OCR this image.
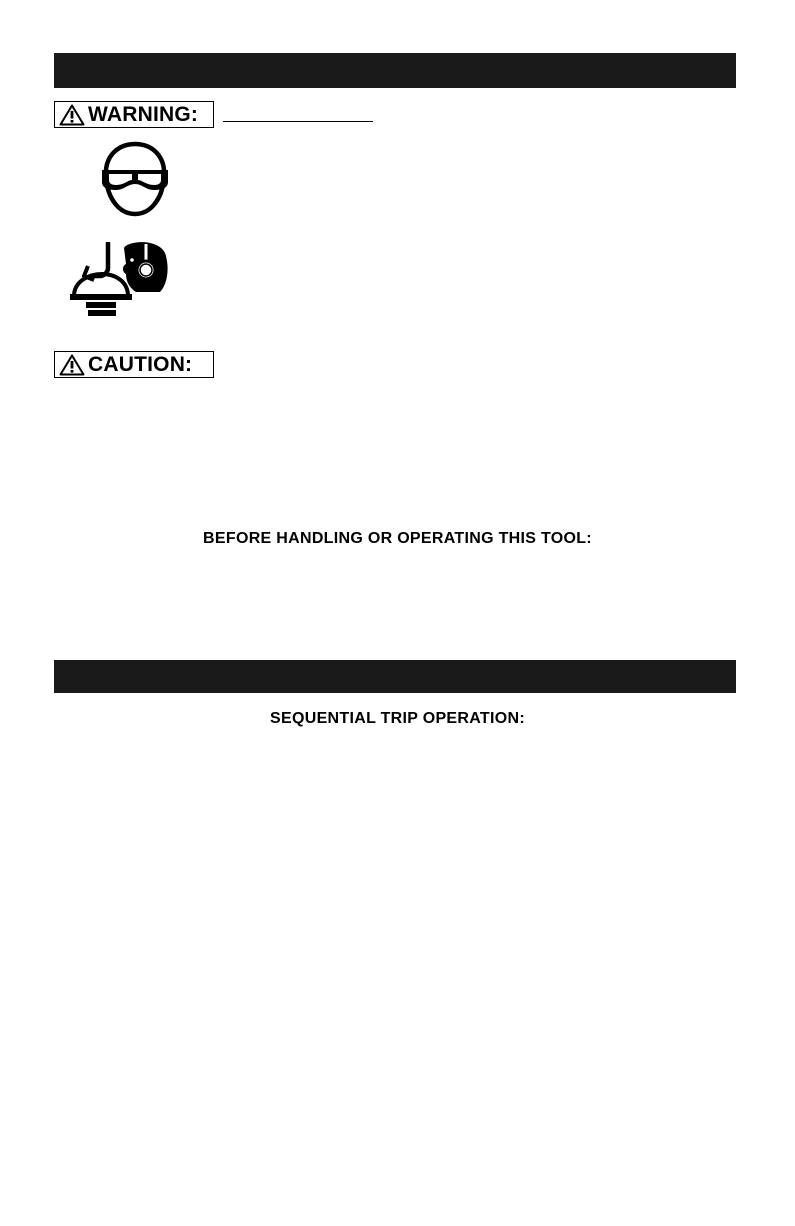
WARNING:
CAUTION:
BEFORE HANDLING OR OPERATING THIS TOOL:
SEQUENTIAL TRIP OPERATION:
